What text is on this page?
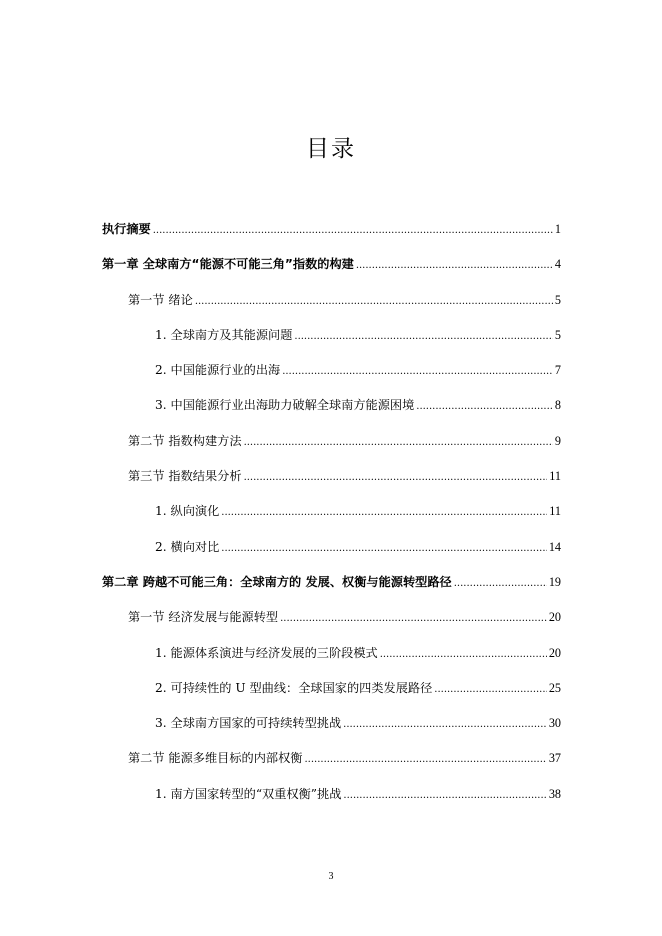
目录
执行摘要 .....	1
第一章 全球南方“能源不可能三角”指数的构建 .....	4
第一节 绪论 .....	5
1. 全球南方及其能源问题 .....	5
2. 中国能源行业的出海 .....	7
3. 中国能源行业出海助力破解全球南方能源困境 .....	8
第二节 指数构建方法 .....	9
第三节 指数结果分析 .....	11
1. 纵向演化 .....	11
2. 横向对比 .....	14
第二章 跨越不可能三角：全球南方的 发展、权衡与能源转型路径 .....	19
第一节 经济发展与能源转型 .....	20
1. 能源体系演进与经济发展的三阶段模式 .....	20
2. 可持续性的 U 型曲线：全球国家的四类发展路径 .....	25
3. 全球南方国家的可持续转型挑战 .....	30
第二节 能源多维目标的内部权衡 .....	37
1. 南方国家转型的“双重权衡”挑战 .....	38
3
